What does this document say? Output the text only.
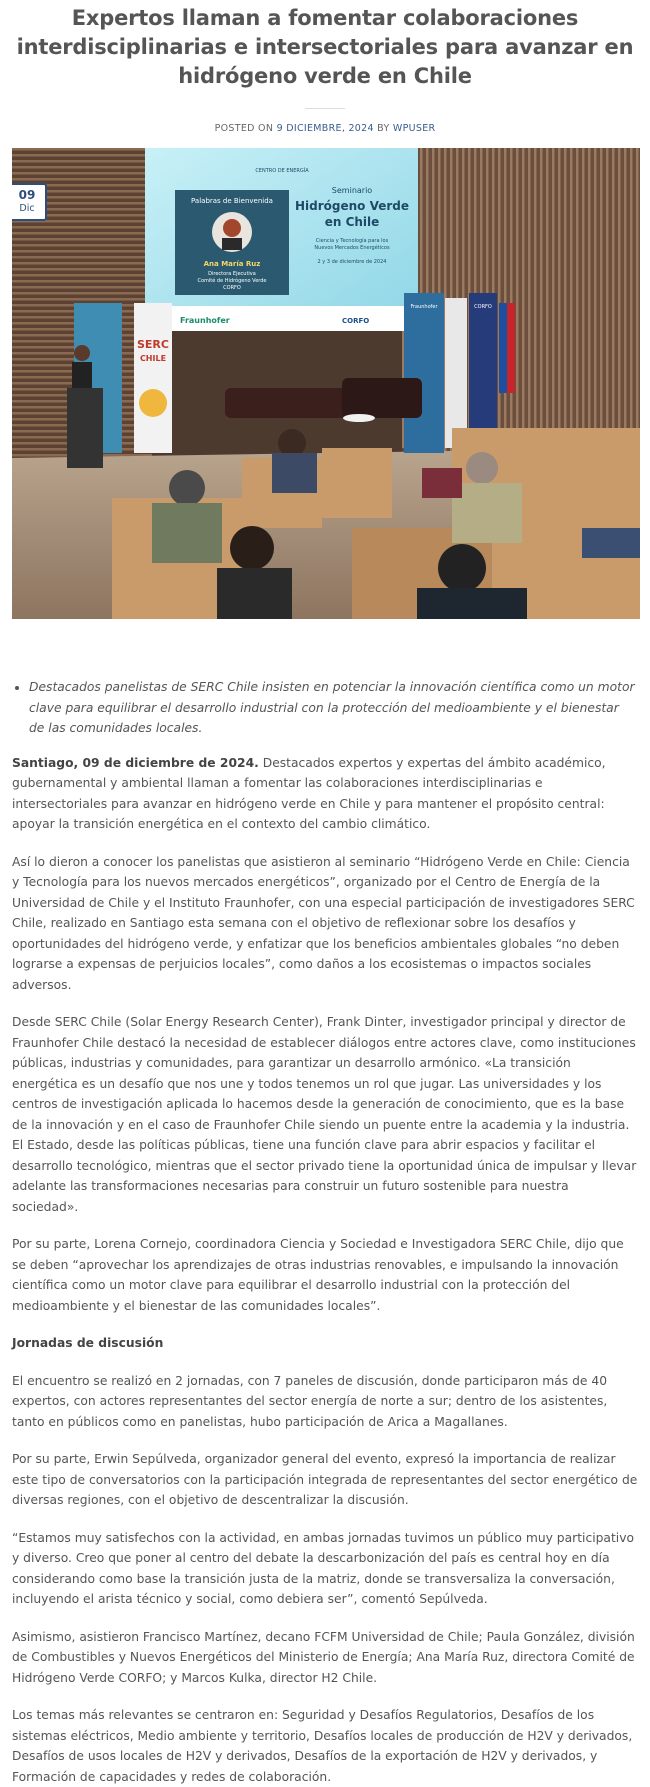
Expertos llaman a fomentar colaboraciones interdisciplinarias e intersectoriales para avanzar en hidrógeno verde en Chile
POSTED ON 9 DICIEMBRE, 2024 BY WPUSER
Palabras de Bienvenida
Ana María Ruz
Directora Ejecutiva
Comité de Hidrógeno Verde
CORFO
Seminario
Hidrógeno Verde
en Chile
Ciencia y Tecnología para los
Nuevos Mercados Energéticos
2 y 3 de diciembre de 2024
CENTRO DE ENERGÍA
Fraunhofer	CORFO
SERC
CHILE
Fraunhofer	CORFO
09
Dic
• Destacados panelistas de SERC Chile insisten en potenciar la innovación científica como un motor clave para equilibrar el desarrollo industrial con la protección del medioambiente y el bienestar de las comunidades locales.

Santiago, 09 de diciembre de 2024. Destacados expertos y expertas del ámbito académico, gubernamental y ambiental llaman a fomentar las colaboraciones interdisciplinarias e intersectoriales para avanzar en hidrógeno verde en Chile y para mantener el propósito central: apoyar la transición energética en el contexto del cambio climático.

Así lo dieron a conocer los panelistas que asistieron al seminario “Hidrógeno Verde en Chile: Ciencia y Tecnología para los nuevos mercados energéticos”, organizado por el Centro de Energía de la Universidad de Chile y el Instituto Fraunhofer, con una especial participación de investigadores SERC Chile, realizado en Santiago esta semana con el objetivo de reflexionar sobre los desafíos y oportunidades del hidrógeno verde, y enfatizar que los beneficios ambientales globales “no deben lograrse a expensas de perjuicios locales”, como daños a los ecosistemas o impactos sociales adversos.

Desde SERC Chile (Solar Energy Research Center), Frank Dinter, investigador principal y director de Fraunhofer Chile destacó la necesidad de establecer diálogos entre actores clave, como instituciones públicas, industrias y comunidades, para garantizar un desarrollo armónico. «La transición energética es un desafío que nos une y todos tenemos un rol que jugar. Las universidades y los centros de investigación aplicada lo hacemos desde la generación de conocimiento, que es la base de la innovación y en el caso de Fraunhofer Chile siendo un puente entre la academia y la industria. El Estado, desde las políticas públicas, tiene una función clave para abrir espacios y facilitar el desarrollo tecnológico, mientras que el sector privado tiene la oportunidad única de impulsar y llevar adelante las transformaciones necesarias para construir un futuro sostenible para nuestra sociedad».

Por su parte, Lorena Cornejo, coordinadora Ciencia y Sociedad e Investigadora SERC Chile, dijo que se deben “aprovechar los aprendizajes de otras industrias renovables, e impulsando la innovación científica como un motor clave para equilibrar el desarrollo industrial con la protección del medioambiente y el bienestar de las comunidades locales”.

Jornadas de discusión

El encuentro se realizó en 2 jornadas, con 7 paneles de discusión, donde participaron más de 40 expertos, con actores representantes del sector energía de norte a sur; dentro de los asistentes, tanto en públicos como en panelistas, hubo participación de Arica a Magallanes.

Por su parte, Erwin Sepúlveda, organizador general del evento, expresó la importancia de realizar este tipo de conversatorios con la participación integrada de representantes del sector energético de diversas regiones, con el objetivo de descentralizar la discusión.

“Estamos muy satisfechos con la actividad, en ambas jornadas tuvimos un público muy participativo y diverso. Creo que poner al centro del debate la descarbonización del país es central hoy en día considerando como base la transición justa de la matriz, donde se transversaliza la conversación, incluyendo el arista técnico y social, como debiera ser”, comentó Sepúlveda.

Asimismo, asistieron Francisco Martínez, decano FCFM Universidad de Chile; Paula González, división de Combustibles y Nuevos Energéticos del Ministerio de Energía; Ana María Ruz, directora Comité de Hidrógeno Verde CORFO; y Marcos Kulka, director H2 Chile.

Los temas más relevantes se centraron en: Seguridad y Desafíos Regulatorios, Desafíos de los sistemas eléctricos, Medio ambiente y territorio, Desafíos locales de producción de H2V y derivados, Desafíos de usos locales de H2V y derivados, Desafíos de la exportación de H2V y derivados, y Formación de capacidades y redes de colaboración.
